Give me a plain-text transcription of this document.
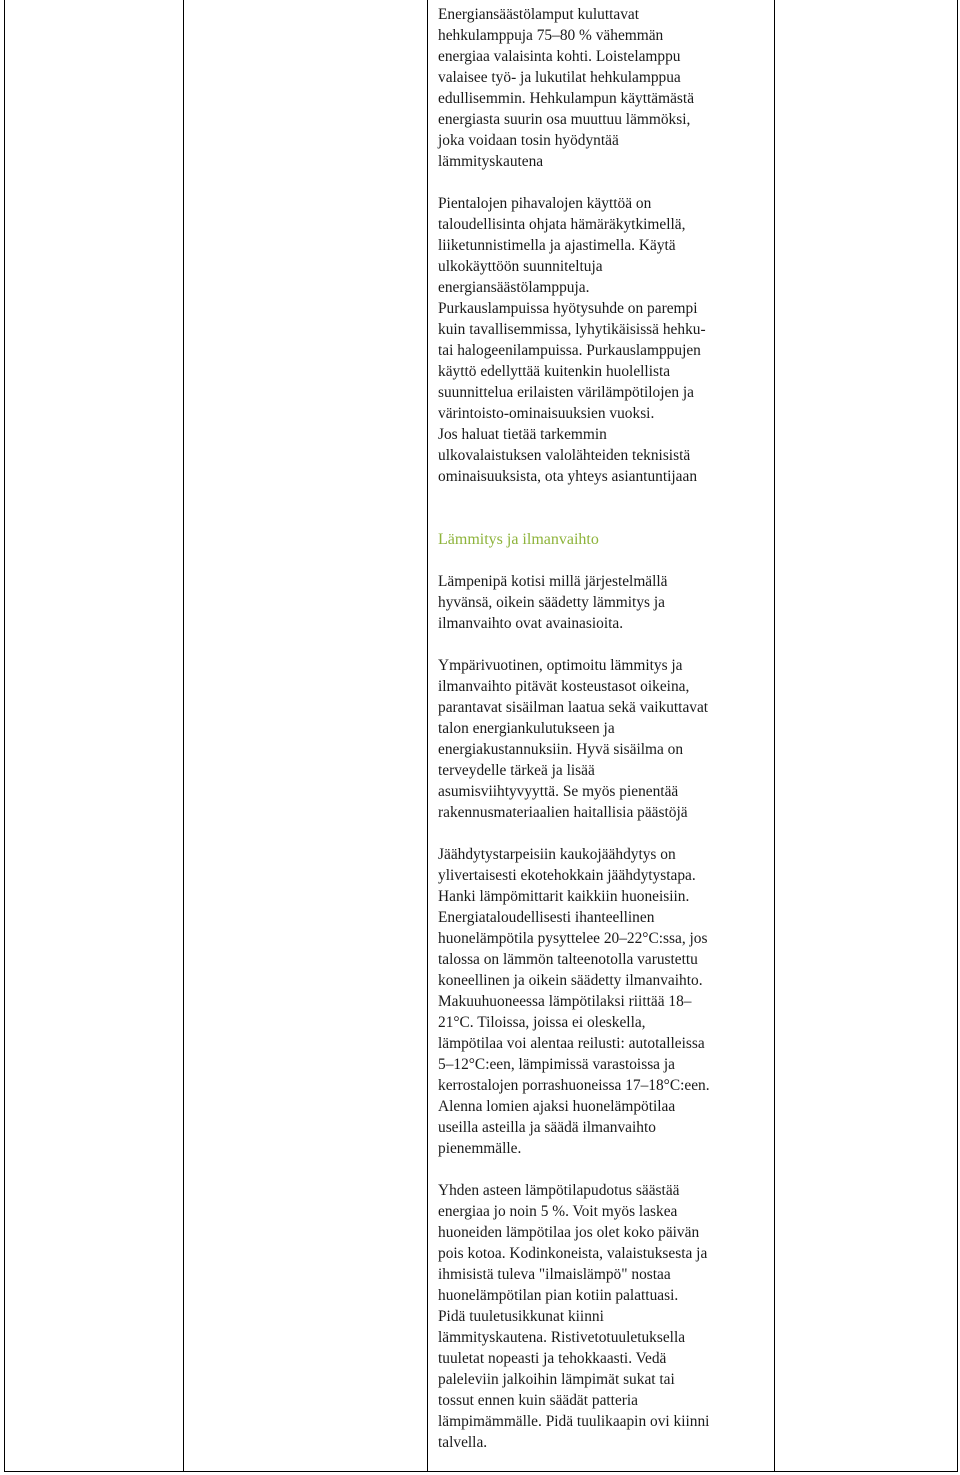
Energiansäästölamput kuluttavat
hehkulamppuja 75–80 % vähemmän
energiaa valaisinta kohti. Loistelamppu
valaisee työ- ja lukutilat hehkulamppua
edullisemmin. Hehkulampun käyttämästä
energiasta suurin osa muuttuu lämmöksi,
joka voidaan tosin hyödyntää
lämmityskautena

Pientalojen pihavalojen käyttöä on
taloudellisinta ohjata hämäräkytkimellä,
liiketunnistimella ja ajastimella. Käytä
ulkokäyttöön suunniteltuja
energiansäästölamppuja.
Purkauslampuissa hyötysuhde on parempi
kuin tavallisemmissa, lyhytikäisissä hehku-
tai halogeenilampuissa. Purkauslamppujen
käyttö edellyttää kuitenkin huolellista
suunnittelua erilaisten värilämpötilojen ja
värintoisto-ominaisuuksien vuoksi.
Jos haluat tietää tarkemmin
ulkovalaistuksen valolähteiden teknisistä
ominaisuuksista, ota yhteys asiantuntijaan

Lämmitys ja ilmanvaihto

Lämpenipä kotisi millä järjestelmällä
hyvänsä, oikein säädetty lämmitys ja
ilmanvaihto ovat avainasioita.

Ympärivuotinen, optimoitu lämmitys ja
ilmanvaihto pitävät kosteustasot oikeina,
parantavat sisäilman laatua sekä vaikuttavat
talon energiankulutukseen ja
energiakustannuksiin. Hyvä sisäilma on
terveydelle tärkeä ja lisää
asumisviihtyvyyttä. Se myös pienentää
rakennusmateriaalien haitallisia päästöjä

Jäähdytystarpeisiin kaukojäähdytys on
ylivertaisesti ekotehokkain jäähdytystapa.
Hanki lämpömittarit kaikkiin huoneisiin.
Energiataloudellisesti ihanteellinen
huonelämpötila pysyttelee 20–22°C:ssa, jos
talossa on lämmön talteenotolla varustettu
koneellinen ja oikein säädetty ilmanvaihto.
Makuuhuoneessa lämpötilaksi riittää 18–
21°C. Tiloissa, joissa ei oleskella,
lämpötilaa voi alentaa reilusti: autotalleissa
5–12°C:een, lämpimissä varastoissa ja
kerrostalojen porrashuoneissa 17–18°C:een.
Alenna lomien ajaksi huonelämpötilaa
useilla asteilla ja säädä ilmanvaihto
pienemmälle.

Yhden asteen lämpötilapudotus säästää
energiaa jo noin 5 %. Voit myös laskea
huoneiden lämpötilaa jos olet koko päivän
pois kotoa. Kodinkoneista, valaistuksesta ja
ihmisistä tuleva "ilmaislämpö" nostaa
huonelämpötilan pian kotiin palattuasi.
Pidä tuuletusikkunat kiinni
lämmityskautena. Ristivetotuuletuksella
tuuletat nopeasti ja tehokkaasti. Vedä
paleleviin jalkoihin lämpimät sukat tai
tossut ennen kuin säädät patteria
lämpimämmälle. Pidä tuulikaapin ovi kiinni
talvella.
